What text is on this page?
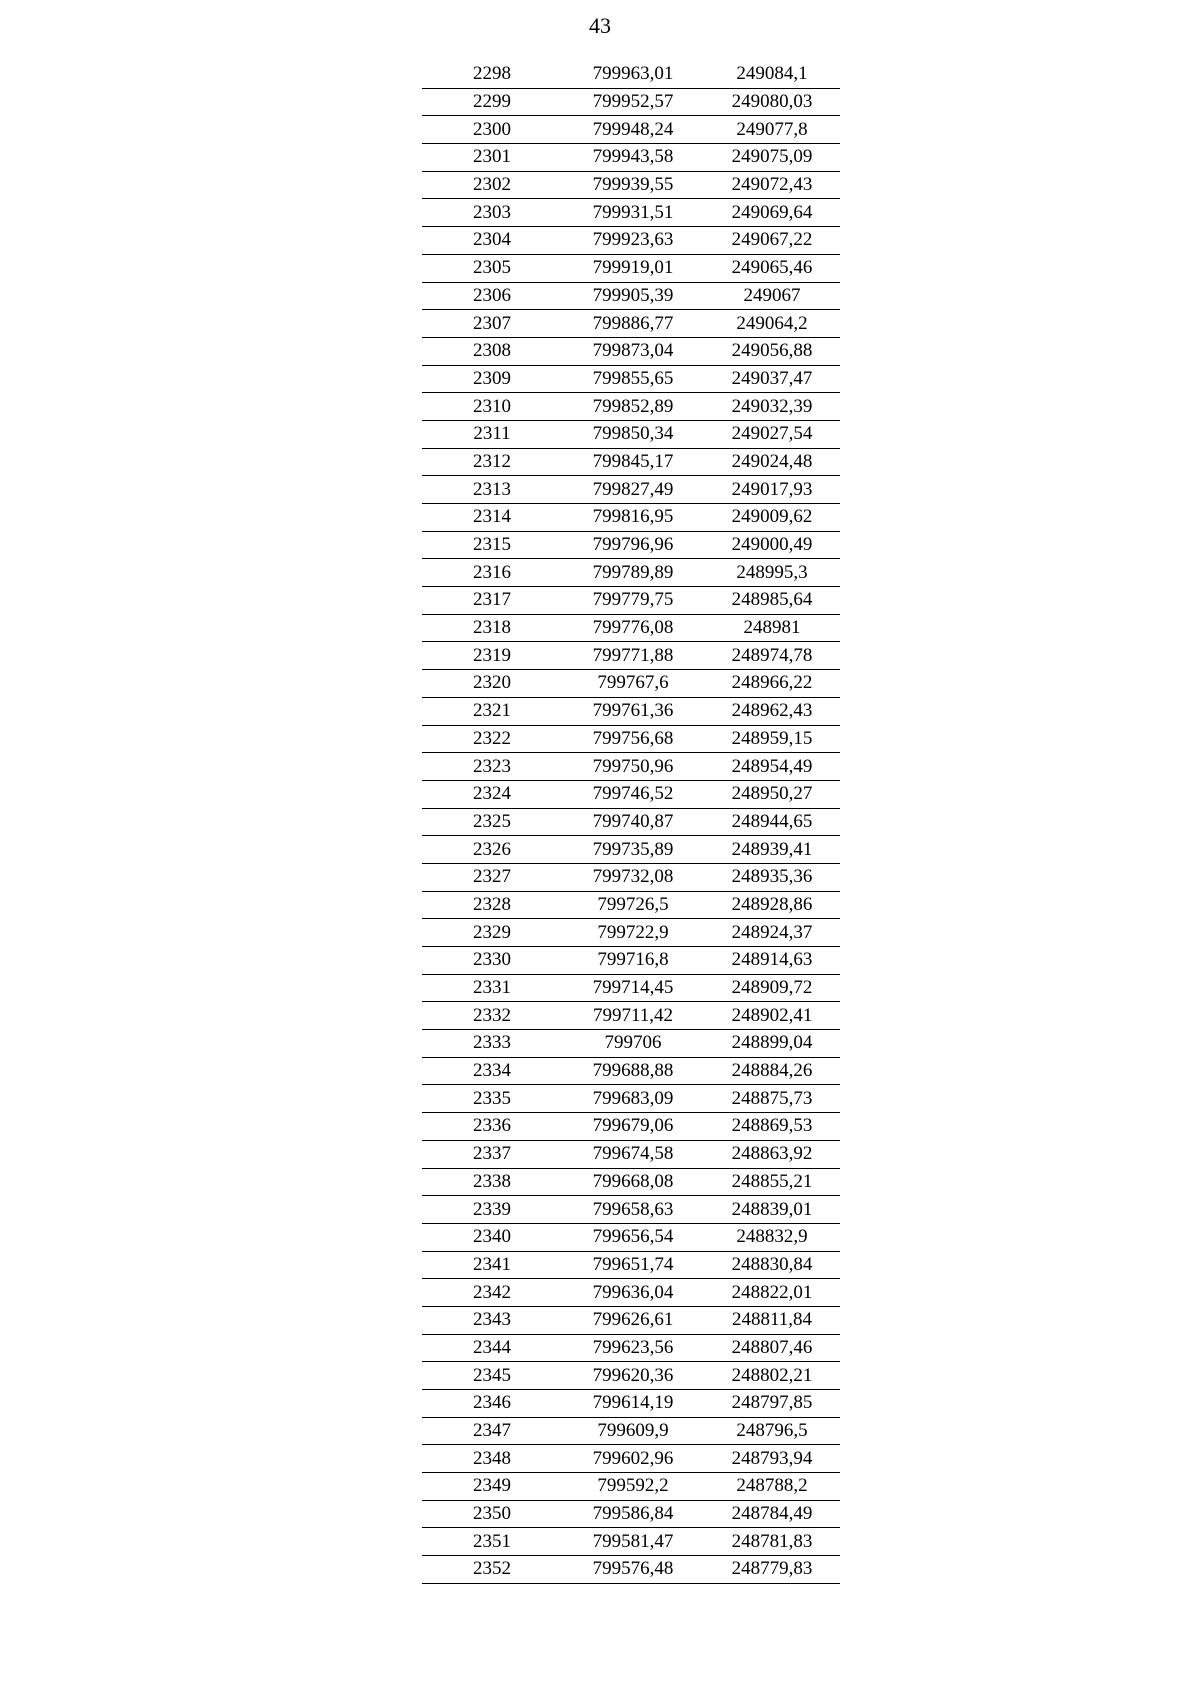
43
2298	799963,01	249084,1
2299	799952,57	249080,03
2300	799948,24	249077,8
2301	799943,58	249075,09
2302	799939,55	249072,43
2303	799931,51	249069,64
2304	799923,63	249067,22
2305	799919,01	249065,46
2306	799905,39	249067
2307	799886,77	249064,2
2308	799873,04	249056,88
2309	799855,65	249037,47
2310	799852,89	249032,39
2311	799850,34	249027,54
2312	799845,17	249024,48
2313	799827,49	249017,93
2314	799816,95	249009,62
2315	799796,96	249000,49
2316	799789,89	248995,3
2317	799779,75	248985,64
2318	799776,08	248981
2319	799771,88	248974,78
2320	799767,6	248966,22
2321	799761,36	248962,43
2322	799756,68	248959,15
2323	799750,96	248954,49
2324	799746,52	248950,27
2325	799740,87	248944,65
2326	799735,89	248939,41
2327	799732,08	248935,36
2328	799726,5	248928,86
2329	799722,9	248924,37
2330	799716,8	248914,63
2331	799714,45	248909,72
2332	799711,42	248902,41
2333	799706	248899,04
2334	799688,88	248884,26
2335	799683,09	248875,73
2336	799679,06	248869,53
2337	799674,58	248863,92
2338	799668,08	248855,21
2339	799658,63	248839,01
2340	799656,54	248832,9
2341	799651,74	248830,84
2342	799636,04	248822,01
2343	799626,61	248811,84
2344	799623,56	248807,46
2345	799620,36	248802,21
2346	799614,19	248797,85
2347	799609,9	248796,5
2348	799602,96	248793,94
2349	799592,2	248788,2
2350	799586,84	248784,49
2351	799581,47	248781,83
2352	799576,48	248779,83
